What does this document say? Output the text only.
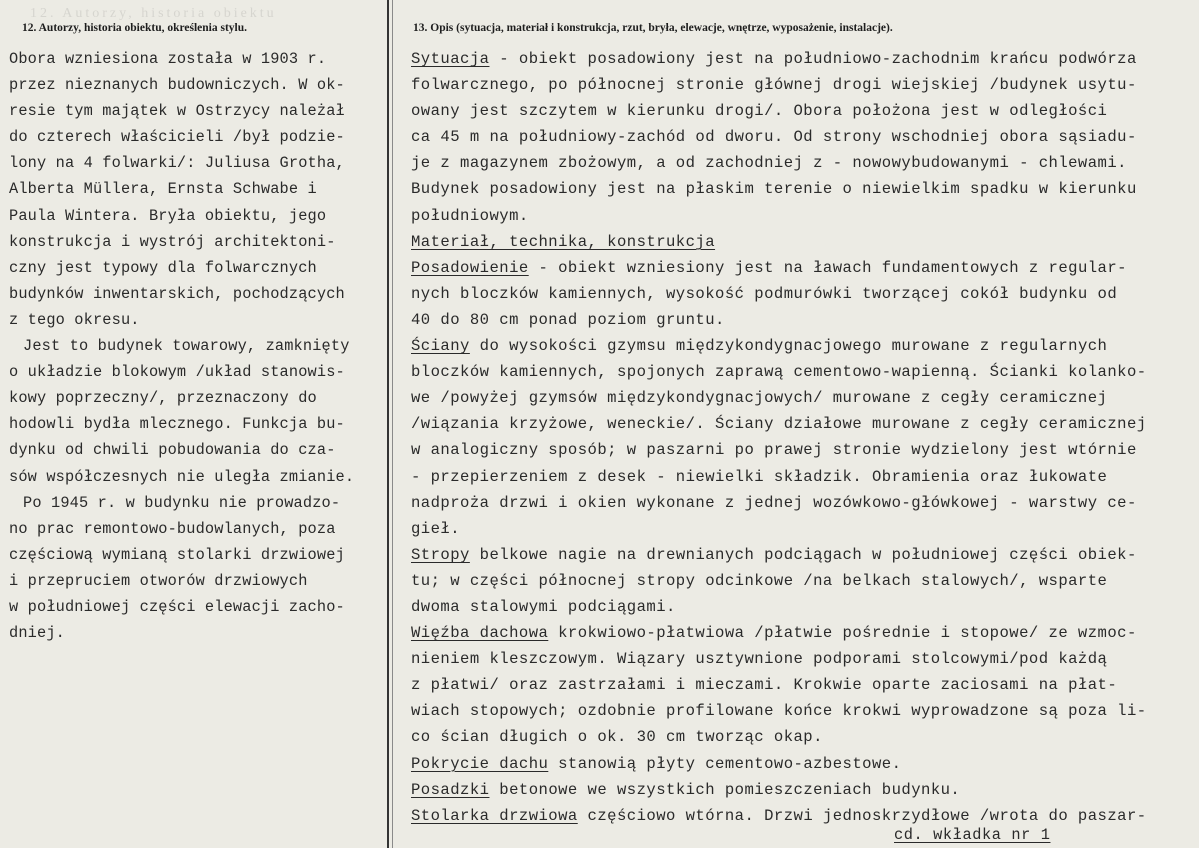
12. Autorzy, historia obiektu
12. Autorzy, historia obiektu, określenia stylu.	13. Opis (sytuacja, materiał i konstrukcja, rzut, bryła, elewacje, wnętrze, wyposażenie, instalacje).
Obora wzniesiona została w 1903 r.
przez nieznanych budowniczych. W ok-
resie tym majątek w Ostrzycy należał
do czterech właścicieli /był podzie-
lony na 4 folwarki/: Juliusa Grotha,
Alberta Müllera, Ernsta Schwabe i
Paula Wintera. Bryła obiektu, jego
konstrukcja i wystrój architektoni-
czny jest typowy dla folwarcznych
budynków inwentarskich, pochodzących
z tego okresu.
Jest to budynek towarowy, zamknięty
o układzie blokowym /układ stanowis-
kowy poprzeczny/, przeznaczony do
hodowli bydła mlecznego. Funkcja bu-
dynku od chwili pobudowania do cza-
sów współczesnych nie uległa zmianie.
Po 1945 r. w budynku nie prowadzo-
no prac remontowo-budowlanych, poza
częściową wymianą stolarki drzwiowej
i przepruciem otworów drzwiowych
w południowej części elewacji zacho-
dniej.
Sytuacja - obiekt posadowiony jest na południowo-zachodnim krańcu podwórza
folwarcznego, po północnej stronie głównej drogi wiejskiej /budynek usytu-
owany jest szczytem w kierunku drogi/. Obora położona jest w odległości
ca 45 m na południowy-zachód od dworu. Od strony wschodniej obora sąsiadu-
je z magazynem zbożowym, a od zachodniej z - nowowybudowanymi - chlewami.
Budynek posadowiony jest na płaskim terenie o niewielkim spadku w kierunku
południowym.
Materiał, technika, konstrukcja
Posadowienie - obiekt wzniesiony jest na ławach fundamentowych z regular-
nych bloczków kamiennych, wysokość podmurówki tworzącej cokół budynku od
40 do 80 cm ponad poziom gruntu.
Ściany do wysokości gzymsu międzykondygnacjowego murowane z regularnych
bloczków kamiennych, spojonych zaprawą cementowo-wapienną. Ścianki kolanko-
we /powyżej gzymsów międzykondygnacjowych/ murowane z cegły ceramicznej
/wiązania krzyżowe, weneckie/. Ściany działowe murowane z cegły ceramicznej
w analogiczny sposób; w paszarni po prawej stronie wydzielony jest wtórnie
- przepierzeniem z desek - niewielki składzik. Obramienia oraz łukowate
nadproża drzwi i okien wykonane z jednej wozówkowo-główkowej - warstwy ce-
gieł.
Stropy belkowe nagie na drewnianych podciągach w południowej części obiek-
tu; w części północnej stropy odcinkowe /na belkach stalowych/, wsparte
dwoma stalowymi podciągami.
Więźba dachowa krokwiowo-płatwiowa /płatwie pośrednie i stopowe/ ze wzmoc-
nieniem kleszczowym. Wiązary usztywnione podporami stolcowymi/pod każdą
z płatwi/ oraz zastrzałami i mieczami. Krokwie oparte zaciosami na płat-
wiach stopowych; ozdobnie profilowane końce krokwi wyprowadzone są poza li-
co ścian długich o ok. 30 cm tworząc okap.
Pokrycie dachu stanowią płyty cementowo-azbestowe.
Posadzki betonowe we wszystkich pomieszczeniach budynku.
Stolarka drzwiowa częściowo wtórna. Drzwi jednoskrzydłowe /wrota do paszar-
cd. wkładka nr 1
